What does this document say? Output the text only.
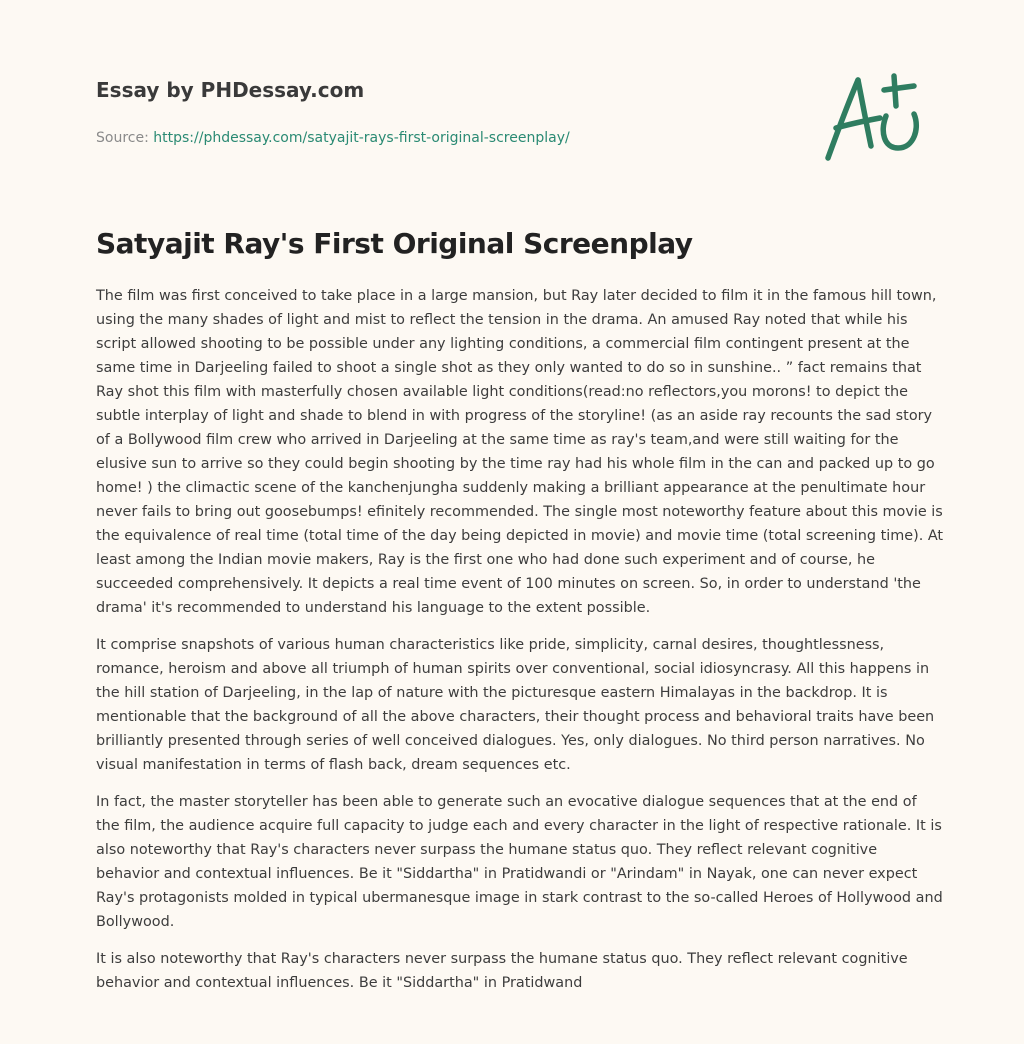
Essay by PHDessay.com
Source: https://phdessay.com/satyajit-rays-first-original-screenplay/
Satyajit Ray's First Original Screenplay

The film was first conceived to take place in a large mansion, but Ray later decided to film it in the famous hill town, using the many shades of light and mist to reflect the tension in the drama. An amused Ray noted that while his script allowed shooting to be possible under any lighting conditions, a commercial film contingent present at the same time in Darjeeling failed to shoot a single shot as they only wanted to do so in sunshine.. ” fact remains that Ray shot this film with masterfully chosen available light conditions(read:no reflectors,you morons! to depict the subtle interplay of light and shade to blend in with progress of the storyline! (as an aside ray recounts the sad story of a Bollywood film crew who arrived in Darjeeling at the same time as ray's team,and were still waiting for the elusive sun to arrive so they could begin shooting by the time ray had his whole film in the can and packed up to go home! ) the climactic scene of the kanchenjungha suddenly making a brilliant appearance at the penultimate hour never fails to bring out goosebumps! efinitely recommended. The single most noteworthy feature about this movie is the equivalence of real time (total time of the day being depicted in movie) and movie time (total screening time). At least among the Indian movie makers, Ray is the first one who had done such experiment and of course, he succeeded comprehensively. It depicts a real time event of 100 minutes on screen. So, in order to understand 'the drama' it's recommended to understand his language to the extent possible.

It comprise snapshots of various human characteristics like pride, simplicity, carnal desires, thoughtlessness, romance, heroism and above all triumph of human spirits over conventional, social idiosyncrasy. All this happens in the hill station of Darjeeling, in the lap of nature with the picturesque eastern Himalayas in the backdrop. It is mentionable that the background of all the above characters, their thought process and behavioral traits have been brilliantly presented through series of well conceived dialogues. Yes, only dialogues. No third person narratives. No visual manifestation in terms of flash back, dream sequences etc.

In fact, the master storyteller has been able to generate such an evocative dialogue sequences that at the end of the film, the audience acquire full capacity to judge each and every character in the light of respective rationale. It is also noteworthy that Ray's characters never surpass the humane status quo. They reflect relevant cognitive behavior and contextual influences. Be it "Siddartha" in Pratidwandi or "Arindam" in Nayak, one can never expect Ray's protagonists molded in typical ubermanesque image in stark contrast to the so-called Heroes of Hollywood and Bollywood.

It is also noteworthy that Ray's characters never surpass the humane status quo. They reflect relevant cognitive behavior and contextual influences. Be it "Siddartha" in Pratidwand
